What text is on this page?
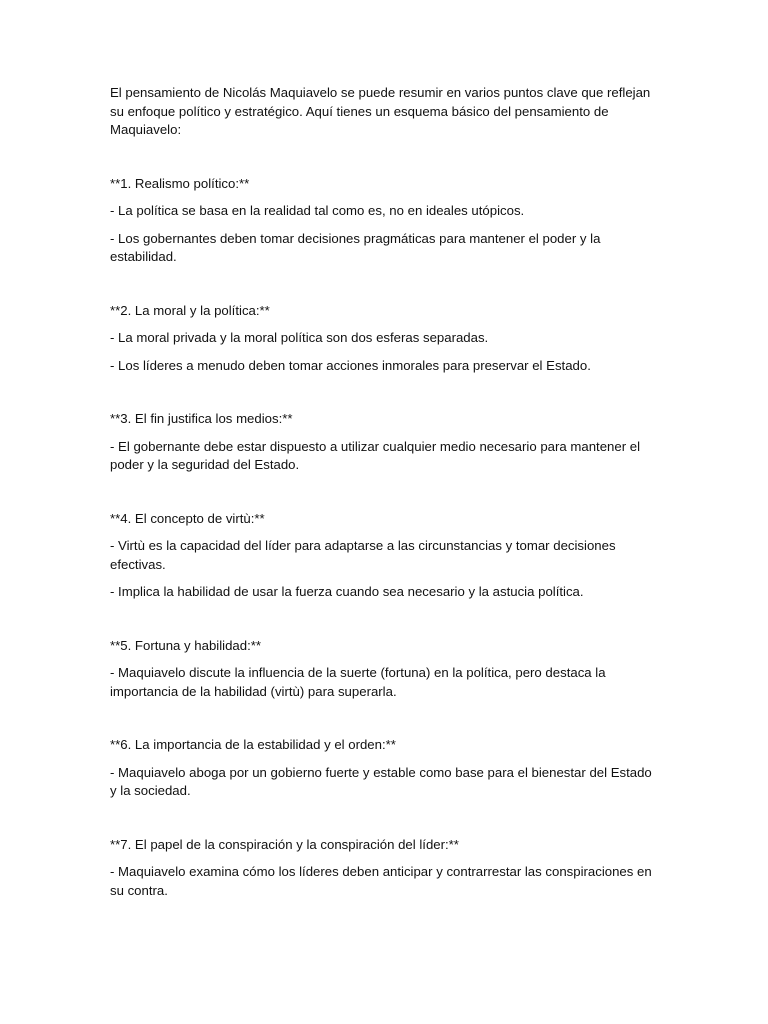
El pensamiento de Nicolás Maquiavelo se puede resumir en varios puntos clave que reflejan su enfoque político y estratégico. Aquí tienes un esquema básico del pensamiento de Maquiavelo:

**1. Realismo político:**

- La política se basa en la realidad tal como es, no en ideales utópicos.

- Los gobernantes deben tomar decisiones pragmáticas para mantener el poder y la estabilidad.

**2. La moral y la política:**

- La moral privada y la moral política son dos esferas separadas.

- Los líderes a menudo deben tomar acciones inmorales para preservar el Estado.

**3. El fin justifica los medios:**

- El gobernante debe estar dispuesto a utilizar cualquier medio necesario para mantener el poder y la seguridad del Estado.

**4. El concepto de virtù:**

- Virtù es la capacidad del líder para adaptarse a las circunstancias y tomar decisiones efectivas.

- Implica la habilidad de usar la fuerza cuando sea necesario y la astucia política.

**5. Fortuna y habilidad:**

- Maquiavelo discute la influencia de la suerte (fortuna) en la política, pero destaca la importancia de la habilidad (virtù) para superarla.

**6. La importancia de la estabilidad y el orden:**

- Maquiavelo aboga por un gobierno fuerte y estable como base para el bienestar del Estado y la sociedad.

**7. El papel de la conspiración y la conspiración del líder:**

- Maquiavelo examina cómo los líderes deben anticipar y contrarrestar las conspiraciones en su contra.
